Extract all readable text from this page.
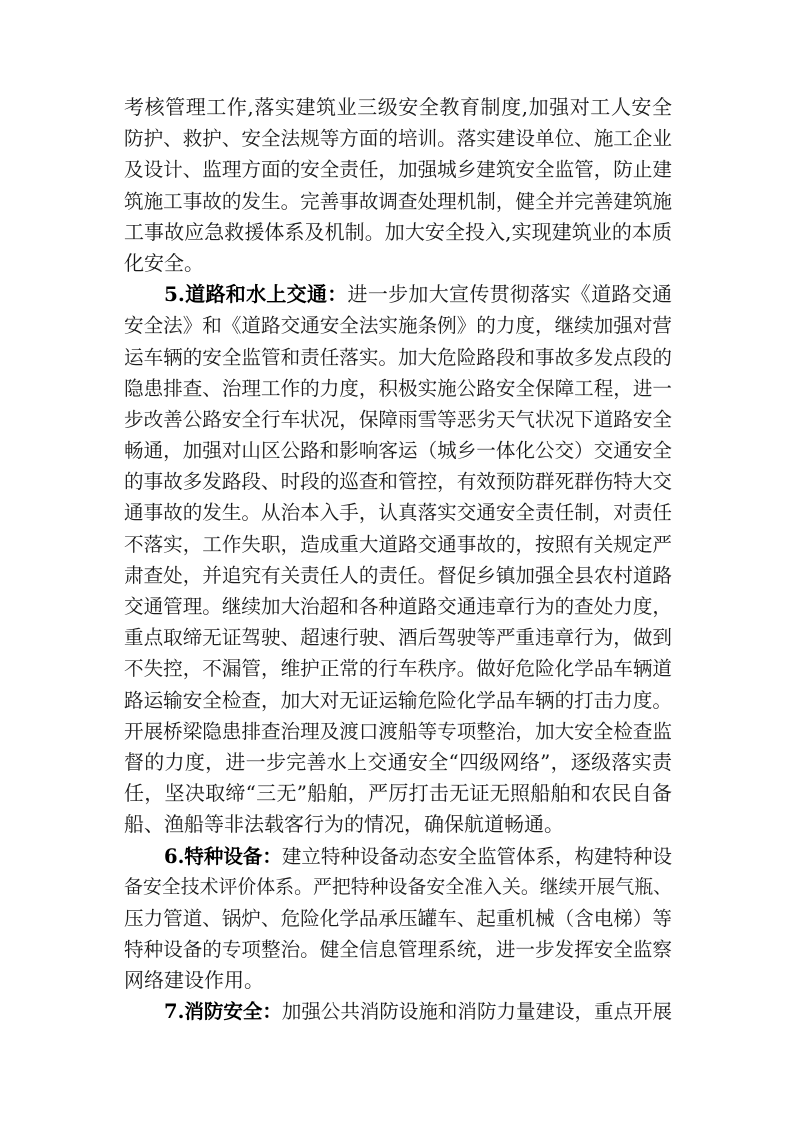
考核管理工作,落实建筑业三级安全教育制度,加强对工人安全
防护、救护、安全法规等方面的培训。落实建设单位、施工企业
及设计、监理方面的安全责任，加强城乡建筑安全监管，防止建
筑施工事故的发生。完善事故调查处理机制，健全并完善建筑施
工事故应急救援体系及机制。加大安全投入,实现建筑业的本质
化安全。
5.道路和水上交通：进一步加大宣传贯彻落实《道路交通
安全法》和《道路交通安全法实施条例》的力度，继续加强对营
运车辆的安全监管和责任落实。加大危险路段和事故多发点段的
隐患排查、治理工作的力度，积极实施公路安全保障工程，进一
步改善公路安全行车状况，保障雨雪等恶劣天气状况下道路安全
畅通，加强对山区公路和影响客运（城乡一体化公交）交通安全
的事故多发路段、时段的巡查和管控，有效预防群死群伤特大交
通事故的发生。从治本入手，认真落实交通安全责任制，对责任
不落实，工作失职，造成重大道路交通事故的，按照有关规定严
肃查处，并追究有关责任人的责任。督促乡镇加强全县农村道路
交通管理。继续加大治超和各种道路交通违章行为的查处力度，
重点取缔无证驾驶、超速行驶、酒后驾驶等严重违章行为，做到
不失控，不漏管，维护正常的行车秩序。做好危险化学品车辆道
路运输安全检查，加大对无证运输危险化学品车辆的打击力度。
开展桥梁隐患排查治理及渡口渡船等专项整治，加大安全检查监
督的力度，进一步完善水上交通安全“四级网络”，逐级落实责
任，坚决取缔“三无”船舶，严厉打击无证无照船舶和农民自备
船、渔船等非法载客行为的情况，确保航道畅通。
6.特种设备：建立特种设备动态安全监管体系，构建特种设
备安全技术评价体系。严把特种设备安全准入关。继续开展气瓶、
压力管道、锅炉、危险化学品承压罐车、起重机械（含电梯）等
特种设备的专项整治。健全信息管理系统，进一步发挥安全监察
网络建设作用。
7.消防安全：加强公共消防设施和消防力量建设，重点开展
